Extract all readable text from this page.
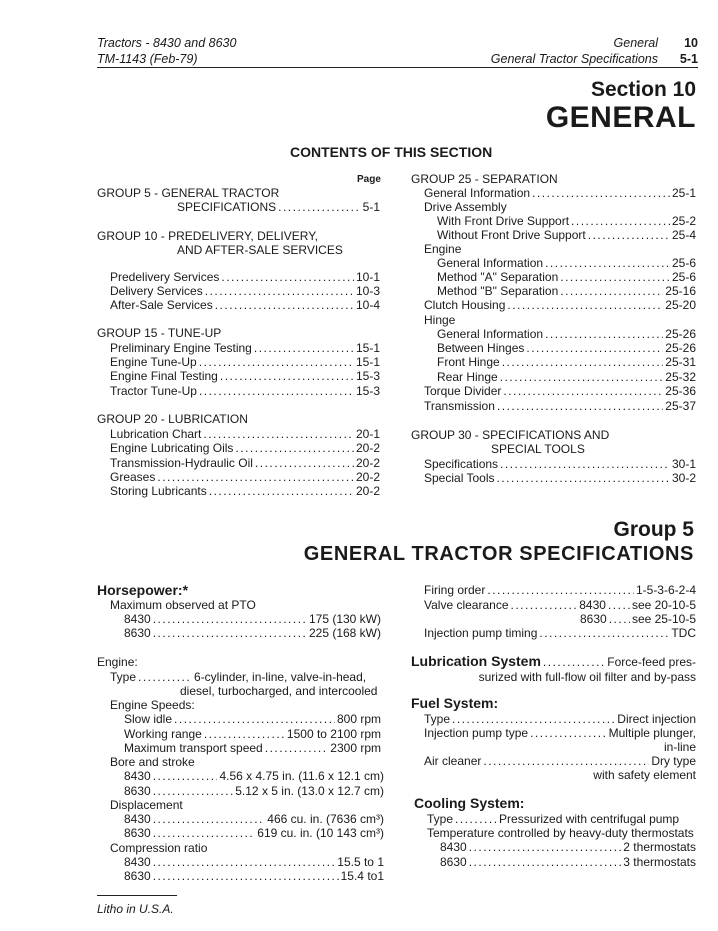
Tractors - 8430 and 8630
TM-1143 (Feb-79)
General 10
General Tractor Specifications 5-1
Section 10
GENERAL
CONTENTS OF THIS SECTION
Page
GROUP 5 - GENERAL TRACTOR
SPECIFICATIONS .....	5-1
GROUP 10 - PREDELIVERY, DELIVERY,
AND AFTER-SALE SERVICES
Predelivery Services .....	10-1
Delivery Services .....	10-3
After-Sale Services .....	10-4
GROUP 15 - TUNE-UP
Preliminary Engine Testing .....	15-1
Engine Tune-Up .....	15-1
Engine Final Testing .....	15-3
Tractor Tune-Up .....	15-3
GROUP 20 - LUBRICATION
Lubrication Chart .....	20-1
Engine Lubricating Oils .....	20-2
Transmission-Hydraulic Oil .....	20-2
Greases .....	20-2
Storing Lubricants .....	20-2
GROUP 25 - SEPARATION
General Information .....	25-1
Drive Assembly
With Front Drive Support .....	25-2
Without Front Drive Support .....	25-4
Engine
General Information .....	25-6
Method "A" Separation .....	25-6
Method "B" Separation .....	25-16
Clutch Housing .....	25-20
Hinge
General Information .....	25-26
Between Hinges .....	25-26
Front Hinge .....	25-31
Rear Hinge .....	25-32
Torque Divider .....	25-36
Transmission .....	25-37
GROUP 30 - SPECIFICATIONS AND
SPECIAL TOOLS
Specifications .....	30-1
Special Tools .....	30-2
Group 5
GENERAL TRACTOR SPECIFICATIONS
Horsepower:*
Maximum observed at PTO
8430 .....	175 (130 kW)
8630 .....	225 (168 kW)
Engine:
Type .....	6-cylinder, in-line, valve-in-head,
diesel, turbocharged, and intercooled
Engine Speeds:
Slow idle .....	800 rpm
Working range .....	1500 to 2100 rpm
Maximum transport speed .....	2300 rpm
Bore and stroke
8430 .....	4.56 x 4.75 in. (11.6 x 12.1 cm)
8630 .....	5.12 x 5 in. (13.0 x 12.7 cm)
Displacement
8430 .....	466 cu. in. (7636 cm³)
8630 .....	619 cu. in. (10 143 cm³)
Compression ratio
8430 .....	15.5 to 1
8630 .....	15.4 to1
Firing order .....	1-5-3-6-2-4
Valve clearance .....	8430 ..... see 20-10-5
8630 ..... see 25-10-5
Injection pump timing .....	TDC
Lubrication System .....	Force-feed pres-
surized with full-flow oil filter and by-pass
Fuel System:
Type .....	Direct injection
Injection pump type .....	Multiple plunger,
in-line
Air cleaner .....	Dry type
with safety element
Cooling System:
Type .....	Pressurized with centrifugal pump
Temperature controlled by heavy-duty thermostats
8430 .....	2 thermostats
8630 .....	3 thermostats
Litho in U.S.A.
